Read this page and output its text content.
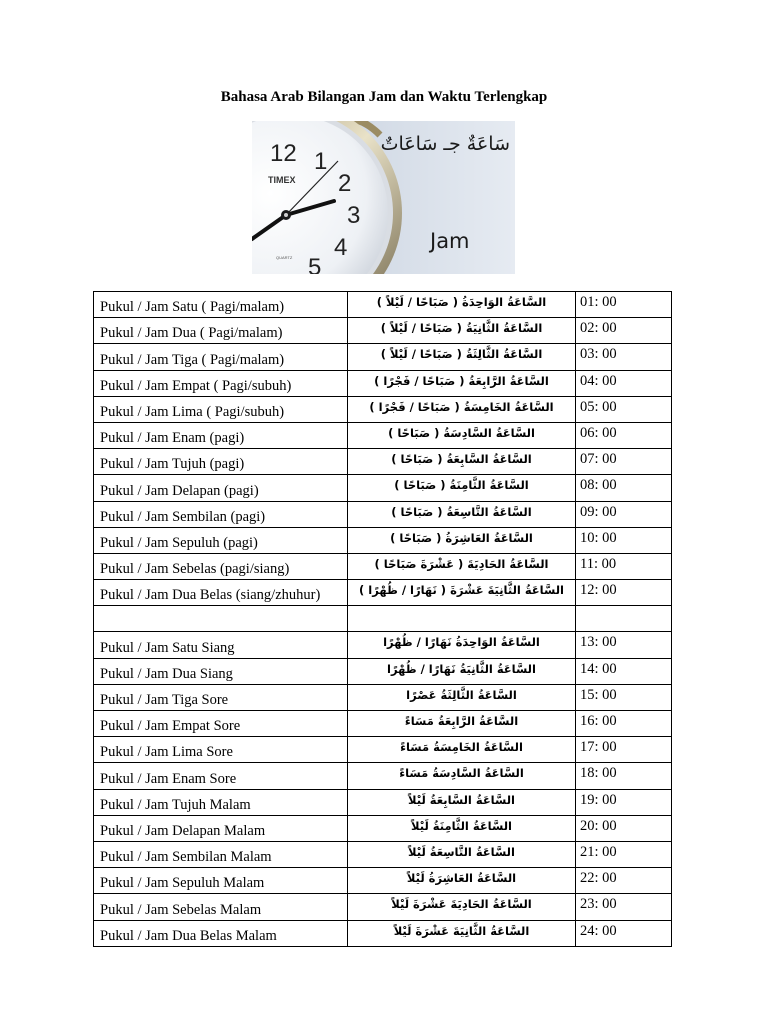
Bahasa Arab Bilangan Jam dan Waktu Terlengkap
12 1
2
3
4
5
TIMEX
QUARTZ
سَاعَةٌ جـ سَاعَاتٌ
Jam
Pukul / Jam Satu ( Pagi/malam)	السَّاعَةُ الوَاحِدَةُ ( صَبَاحًا / لَيْلاً )	01: 00
Pukul / Jam Dua ( Pagi/malam)	السَّاعَةُ الثَّانِيَةُ ( صَبَاحًا / لَيْلاً )	02: 00
Pukul / Jam Tiga ( Pagi/malam)	السَّاعَةُ الثَّالِثَةُ ( صَبَاحًا / لَيْلاً )	03: 00
Pukul / Jam Empat ( Pagi/subuh)	السَّاعَةُ الرَّابِعَةُ ( صَبَاحًا / فَجْرًا )	04: 00
Pukul / Jam Lima ( Pagi/subuh)	السَّاعَةُ الخَامِسَةُ ( صَبَاحًا / فَجْرًا )	05: 00
Pukul / Jam Enam (pagi)	السَّاعَةُ السَّادِسَةُ ( صَبَاحًا )	06: 00
Pukul / Jam Tujuh (pagi)	السَّاعَةُ السَّابِعَةُ ( صَبَاحًا )	07: 00
Pukul / Jam Delapan (pagi)	السَّاعَةُ الثَّامِنَةُ ( صَبَاحًا )	08: 00
Pukul / Jam Sembilan (pagi)	السَّاعَةُ التَّاسِعَةُ ( صَبَاحًا )	09: 00
Pukul / Jam Sepuluh (pagi)	السَّاعَةُ العَاشِرَةُ ( صَبَاحًا )	10: 00
Pukul / Jam Sebelas (pagi/siang)	السَّاعَةُ الحَادِيَةَ ( عَشْرَةَ صَبَاحًا )	11: 00
Pukul / Jam Dua Belas (siang/zhuhur)	السَّاعَةُ الثَّانِيَةَ عَشْرَةَ ( نَهَارًا / ظُهْرًا )	12: 00

Pukul / Jam Satu Siang	السَّاعَةُ الوَاحِدَةُ نَهَارًا / ظُهْرًا	13: 00
Pukul / Jam Dua Siang	السَّاعَةُ الثَّانِيَةُ نَهَارًا / ظُهْرًا	14: 00
Pukul / Jam Tiga Sore	السَّاعَةُ الثَّالِثَةُ عَصْرًا	15: 00
Pukul / Jam Empat Sore	السَّاعَةُ الرَّابِعَةُ مَسَاءً	16: 00
Pukul / Jam Lima Sore	السَّاعَةُ الخَامِسَةُ مَسَاءً	17: 00
Pukul / Jam Enam Sore	السَّاعَةُ السَّادِسَةُ مَسَاءً	18: 00
Pukul / Jam Tujuh Malam	السَّاعَةُ السَّابِعَةُ لَيْلاً	19: 00
Pukul / Jam Delapan Malam	السَّاعَةُ الثَّامِنَةُ لَيْلاً	20: 00
Pukul / Jam Sembilan Malam	السَّاعَةُ التَّاسِعَةُ لَيْلاً	21: 00
Pukul / Jam Sepuluh Malam	السَّاعَةُ العَاشِرَةُ لَيْلاً	22: 00
Pukul / Jam Sebelas Malam	السَّاعَةُ الحَادِيَةَ عَشْرَةَ لَيْلاً	23: 00
Pukul / Jam Dua Belas Malam	السَّاعَةُ الثَّانِيَةَ عَشْرَةَ لَيْلاً	24: 00
